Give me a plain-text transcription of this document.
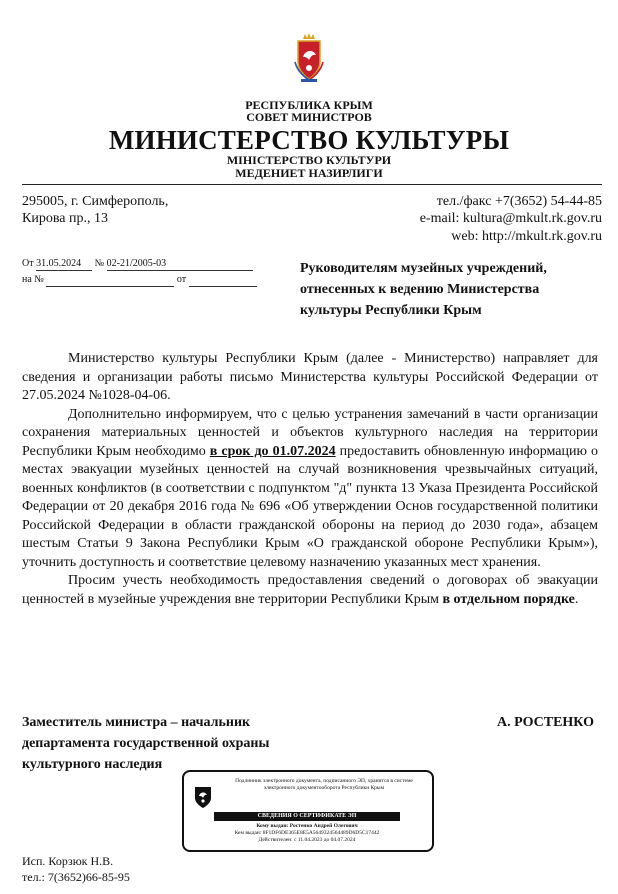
РЕСПУБЛИКА КРЫМ
СОВЕТ МИНИСТРОВ
МИНИСТЕРСТВО КУЛЬТУРЫ
МІНІСТЕРСТВО КУЛЬТУРИ
МЕДЕНИЕТ НАЗИРЛИГИ
295005, г. Симферополь,
Кирова пр., 13
тел./факс +7(3652) 54-44-85
e-mail: kultura@mkult.rk.gov.ru
web: http://mkult.rk.gov.ru
От 31.05.2024 № 02-21/2005-03
на №	от
Руководителям музейных учреждений, отнесенных к ведению Министерства культуры Республики Крым

Министерство культуры Республики Крым (далее - Министерство) направляет для сведения и организации работы письмо Министерства культуры Российской Федерации от 27.05.2024 №1028-04-06.

Дополнительно информируем, что с целью устранения замечаний в части организации сохранения материальных ценностей и объектов культурного наследия на территории Республики Крым необходимо в срок до 01.07.2024 предоставить обновленную информацию о местах эвакуации музейных ценностей на случай возникновения чрезвычайных ситуаций, военных конфликтов (в соответствии с подпунктом "д" пункта 13 Указа Президента Российской Федерации от 20 декабря 2016 года № 696 «Об утверждении Основ государственной политики Российской Федерации в области гражданской обороны на период до 2030 года», абзацем шестым Статьи 9 Закона Республики Крым «О гражданской обороне Республики Крым»), уточнить доступность и соответствие целевому назначению указанных мест хранения.

Просим учесть необходимость предоставления сведений о договорах об эвакуации ценностей в музейные учреждения вне территории Республики Крым в отдельном порядке.

Заместитель министра – начальник
департамента государственной охраны
культурного наследия
А. РОСТЕНКО
Подлинник электронного документа, подписанного ЭП, хранится в системе электронного документооборота Республики Крым
СВЕДЕНИЯ О СЕРТИФИКАТЕ ЭП
Кому выдан: Ростенко Андрей Олегович
Кем выдан: 8F1DF6DE365E8E5A5649324564489D6D5C17442
Действителен: с 11.04.2023 до 04.07.2024
Исп. Корзюк Н.В.
тел.: 7(3652)66-85-95
